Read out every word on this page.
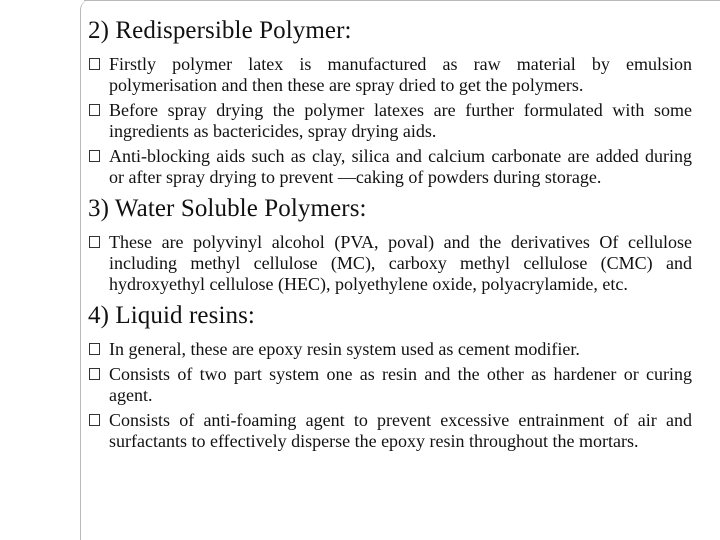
2) Redispersible Polymer:
Firstly polymer latex is manufactured as raw material by emulsion polymerisation and then these are spray dried to get the polymers.
Before spray drying the polymer latexes are further formulated with some ingredients as bactericides, spray drying aids.
Anti-blocking aids such as clay, silica and calcium carbonate are added during or after spray drying to prevent —caking of powders during storage.
3) Water Soluble Polymers:
These are polyvinyl alcohol (PVA, poval) and the derivatives Of cellulose including methyl cellulose (MC), carboxy methyl cellulose (CMC) and hydroxyethyl cellulose (HEC), polyethylene oxide, polyacrylamide, etc.
4) Liquid resins:
In general, these are epoxy resin system used as cement modifier.
Consists of two part system one as resin and the other as hardener or curing agent.
Consists of anti-foaming agent to prevent excessive entrainment of air and surfactants to effectively disperse the epoxy resin throughout the mortars.
